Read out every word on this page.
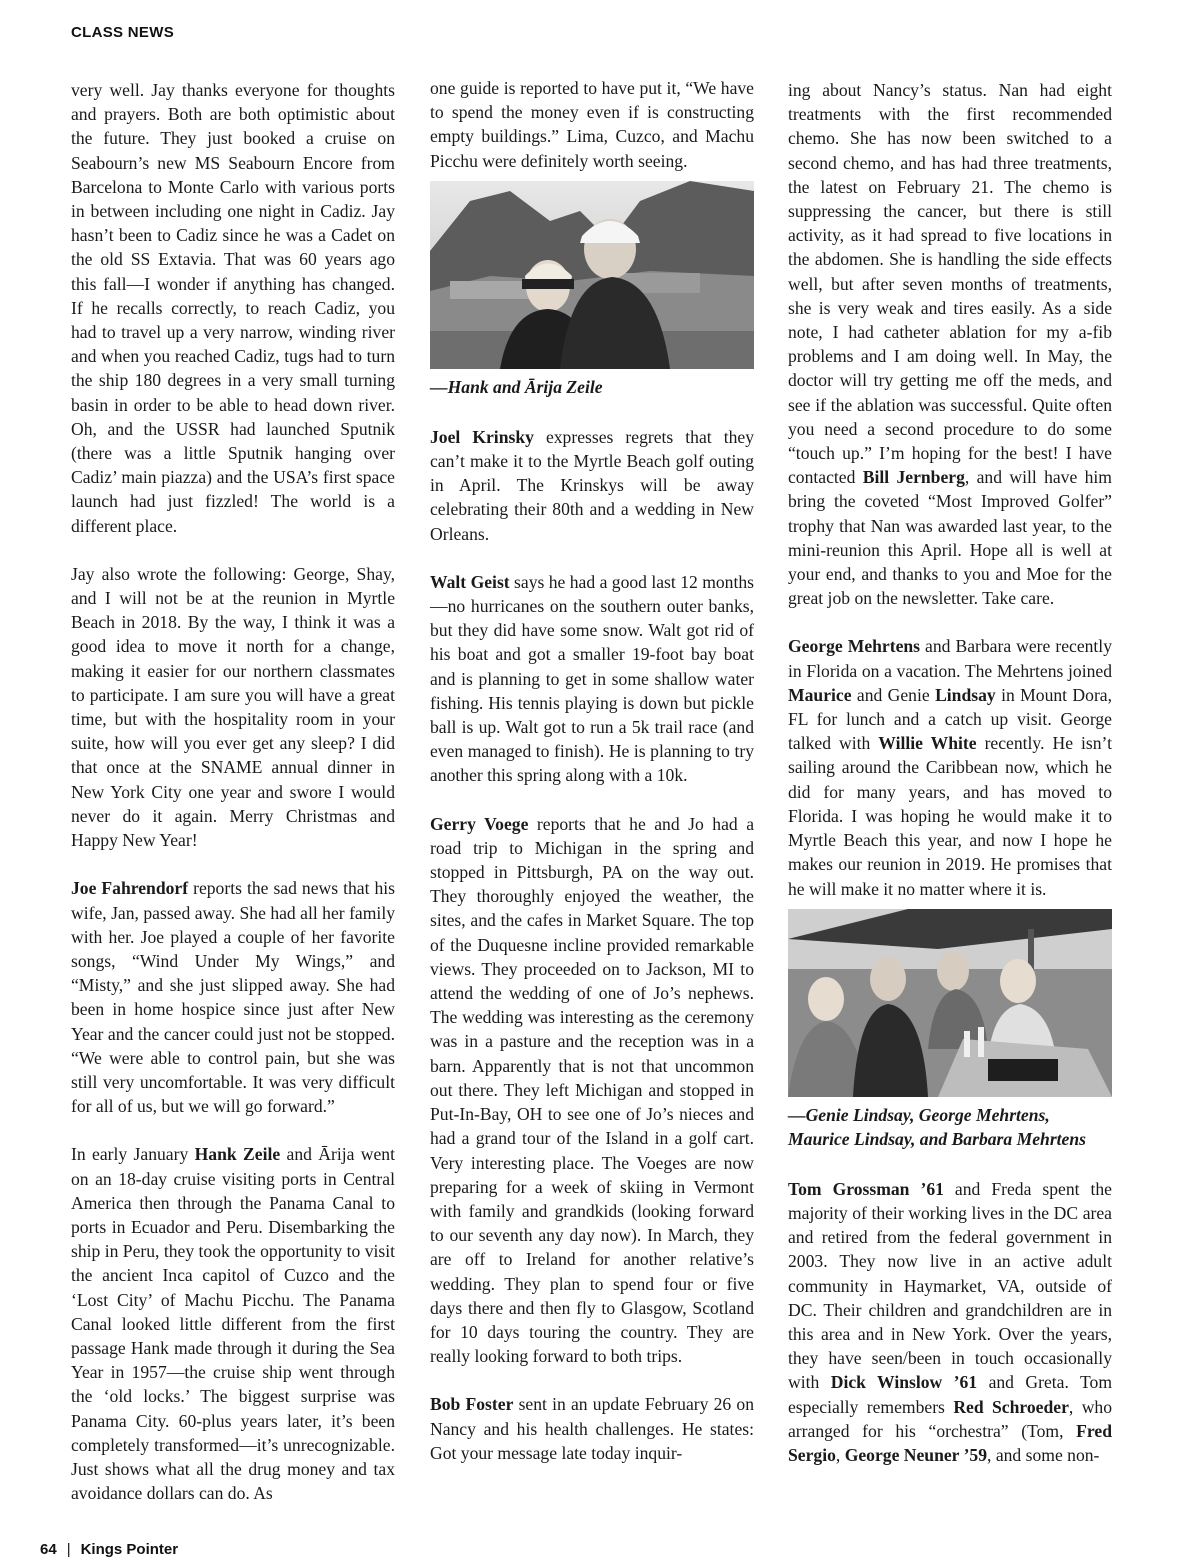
CLASS NEWS

very well. Jay thanks everyone for thoughts and prayers. Both are both optimistic about the future. They just booked a cruise on Seabourn’s new MS Seabourn Encore from Barcelona to Monte Carlo with various ports in between including one night in Cadiz. Jay hasn’t been to Cadiz since he was a Cadet on the old SS Extavia. That was 60 years ago this fall—I wonder if anything has changed. If he recalls correctly, to reach Cadiz, you had to travel up a very narrow, winding river and when you reached Cadiz, tugs had to turn the ship 180 degrees in a very small turning basin in order to be able to head down river. Oh, and the USSR had launched Sputnik (there was a little Sputnik hanging over Cadiz’ main piazza) and the USA’s first space launch had just fizzled! The world is a different place.

Jay also wrote the following: George, Shay, and I will not be at the reunion in Myrtle Beach in 2018. By the way, I think it was a good idea to move it north for a change, making it easier for our northern classmates to participate. I am sure you will have a great time, but with the hospitality room in your suite, how will you ever get any sleep? I did that once at the SNAME annual dinner in New York City one year and swore I would never do it again. Merry Christmas and Happy New Year!

Joe Fahrendorf reports the sad news that his wife, Jan, passed away. She had all her family with her. Joe played a couple of her favorite songs, “Wind Under My Wings,” and “Misty,” and she just slipped away. She had been in home hospice since just after New Year and the cancer could just not be stopped. “We were able to control pain, but she was still very uncomfortable. It was very difficult for all of us, but we will go forward.”

In early January Hank Zeile and Ārija went on an 18-day cruise visiting ports in Central America then through the Panama Canal to ports in Ecuador and Peru. Disembarking the ship in Peru, they took the opportunity to visit the ancient Inca capitol of Cuzco and the ‘Lost City’ of Machu Picchu. The Panama Canal looked little different from the first passage Hank made through it during the Sea Year in 1957—the cruise ship went through the ‘old locks.’ The biggest surprise was Panama City. 60-plus years later, it’s been completely transformed—it’s unrecognizable. Just shows what all the drug money and tax avoidance dollars can do. As

one guide is reported to have put it, “We have to spend the money even if is constructing empty buildings.” Lima, Cuzco, and Machu Picchu were definitely worth seeing.

—Hank and Ārija Zeile

Joel Krinsky expresses regrets that they can’t make it to the Myrtle Beach golf outing in April. The Krinskys will be away celebrating their 80th and a wedding in New Orleans.

Walt Geist says he had a good last 12 months—no hurricanes on the southern outer banks, but they did have some snow. Walt got rid of his boat and got a smaller 19-foot bay boat and is planning to get in some shallow water fishing. His tennis playing is down but pickle ball is up. Walt got to run a 5k trail race (and even managed to finish). He is planning to try another this spring along with a 10k.

Gerry Voege reports that he and Jo had a road trip to Michigan in the spring and stopped in Pittsburgh, PA on the way out. They thoroughly enjoyed the weather, the sites, and the cafes in Market Square. The top of the Duquesne incline provided remarkable views. They proceeded on to Jackson, MI to attend the wedding of one of Jo’s nephews. The wedding was interesting as the ceremony was in a pasture and the reception was in a barn. Apparently that is not that uncommon out there. They left Michigan and stopped in Put-In-Bay, OH to see one of Jo’s nieces and had a grand tour of the Island in a golf cart. Very interesting place. The Voeges are now preparing for a week of skiing in Vermont with family and grandkids (looking forward to our seventh any day now). In March, they are off to Ireland for another relative’s wedding. They plan to spend four or five days there and then fly to Glasgow, Scotland for 10 days touring the country. They are really looking forward to both trips.

Bob Foster sent in an update February 26 on Nancy and his health challenges. He states: Got your message late today inquir-

ing about Nancy’s status. Nan had eight treatments with the first recommended chemo. She has now been switched to a second chemo, and has had three treatments, the latest on February 21. The chemo is suppressing the cancer, but there is still activity, as it had spread to five locations in the abdomen. She is handling the side effects well, but after seven months of treatments, she is very weak and tires easily. As a side note, I had catheter ablation for my a-fib problems and I am doing well. In May, the doctor will try getting me off the meds, and see if the ablation was successful. Quite often you need a second procedure to do some “touch up.” I’m hoping for the best! I have contacted Bill Jernberg, and will have him bring the coveted “Most Improved Golfer” trophy that Nan was awarded last year, to the mini-reunion this April. Hope all is well at your end, and thanks to you and Moe for the great job on the newsletter. Take care.

George Mehrtens and Barbara were recently in Florida on a vacation. The Mehrtens joined Maurice and Genie Lindsay in Mount Dora, FL for lunch and a catch up visit. George talked with Willie White recently. He isn’t sailing around the Caribbean now, which he did for many years, and has moved to Florida. I was hoping he would make it to Myrtle Beach this year, and now I hope he makes our reunion in 2019. He promises that he will make it no matter where it is.

—Genie Lindsay, George Mehrtens, Maurice Lindsay, and Barbara Mehrtens

Tom Grossman ’61 and Freda spent the majority of their working lives in the DC area and retired from the federal government in 2003. They now live in an active adult community in Haymarket, VA, outside of DC. Their children and grandchildren are in this area and in New York. Over the years, they have seen/been in touch occasionally with Dick Winslow ’61 and Greta. Tom especially remembers Red Schroeder, who arranged for his “orchestra” (Tom, Fred Sergio, George Neuner ’59, and some non-

64 | Kings Pointer
